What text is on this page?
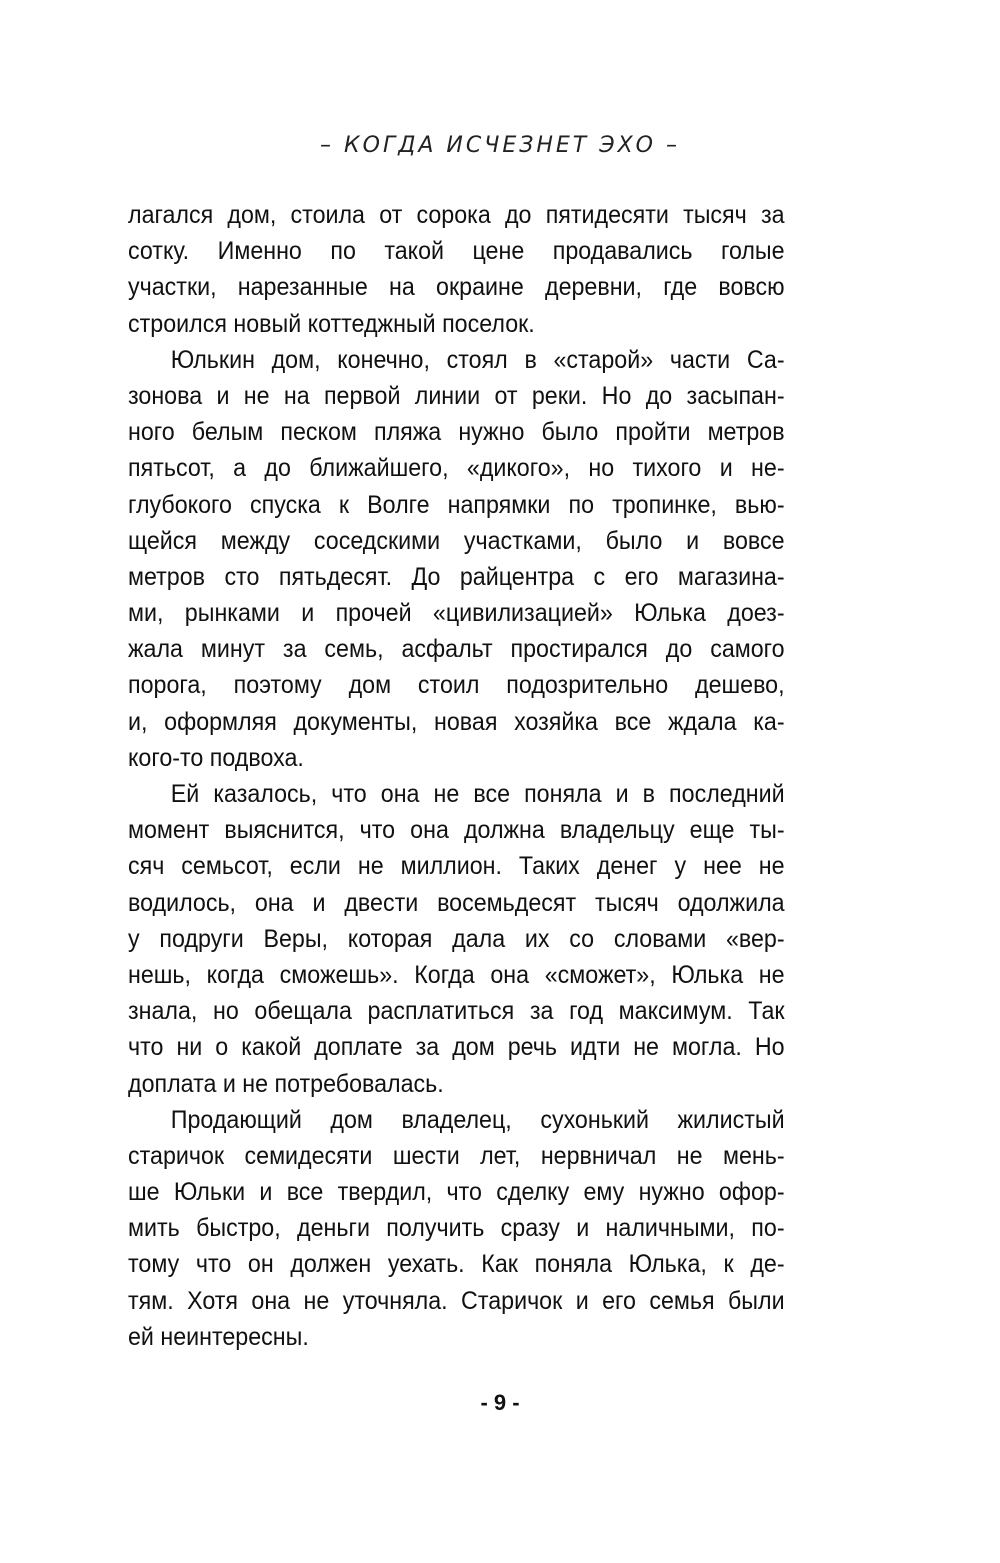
– КОГДА ИСЧЕЗНЕТ ЭХО –

лагался дом, стоила от сорока до пятидесяти тысяч за
сотку. Именно по такой цене продавались голые
участки, нарезанные на окраине деревни, где вовсю
строился новый коттеджный поселок.

Юлькин дом, конечно, стоял в «старой» части Са-
зонова и не на первой линии от реки. Но до засыпан-
ного белым песком пляжа нужно было пройти метров
пятьсот, а до ближайшего, «дикого», но тихого и не-
глубокого спуска к Волге напрямки по тропинке, вью-
щейся между соседскими участками, было и вовсе
метров сто пятьдесят. До райцентра с его магазина-
ми, рынками и прочей «цивилизацией» Юлька доез-
жала минут за семь, асфальт простирался до самого
порога, поэтому дом стоил подозрительно дешево,
и, оформляя документы, новая хозяйка все ждала ка-
кого-то подвоха.

Ей казалось, что она не все поняла и в последний
момент выяснится, что она должна владельцу еще ты-
сяч семьсот, если не миллион. Таких денег у нее не
водилось, она и двести восемьдесят тысяч одолжила
у подруги Веры, которая дала их со словами «вер-
нешь, когда сможешь». Когда она «сможет», Юлька не
знала, но обещала расплатиться за год максимум. Так
что ни о какой доплате за дом речь идти не могла. Но
доплата и не потребовалась.

Продающий дом владелец, сухонький жилистый
старичок семидесяти шести лет, нервничал не мень-
ше Юльки и все твердил, что сделку ему нужно офор-
мить быстро, деньги получить сразу и наличными, по-
тому что он должен уехать. Как поняла Юлька, к де-
тям. Хотя она не уточняла. Старичок и его семья были
ей неинтересны.

- 9 -
